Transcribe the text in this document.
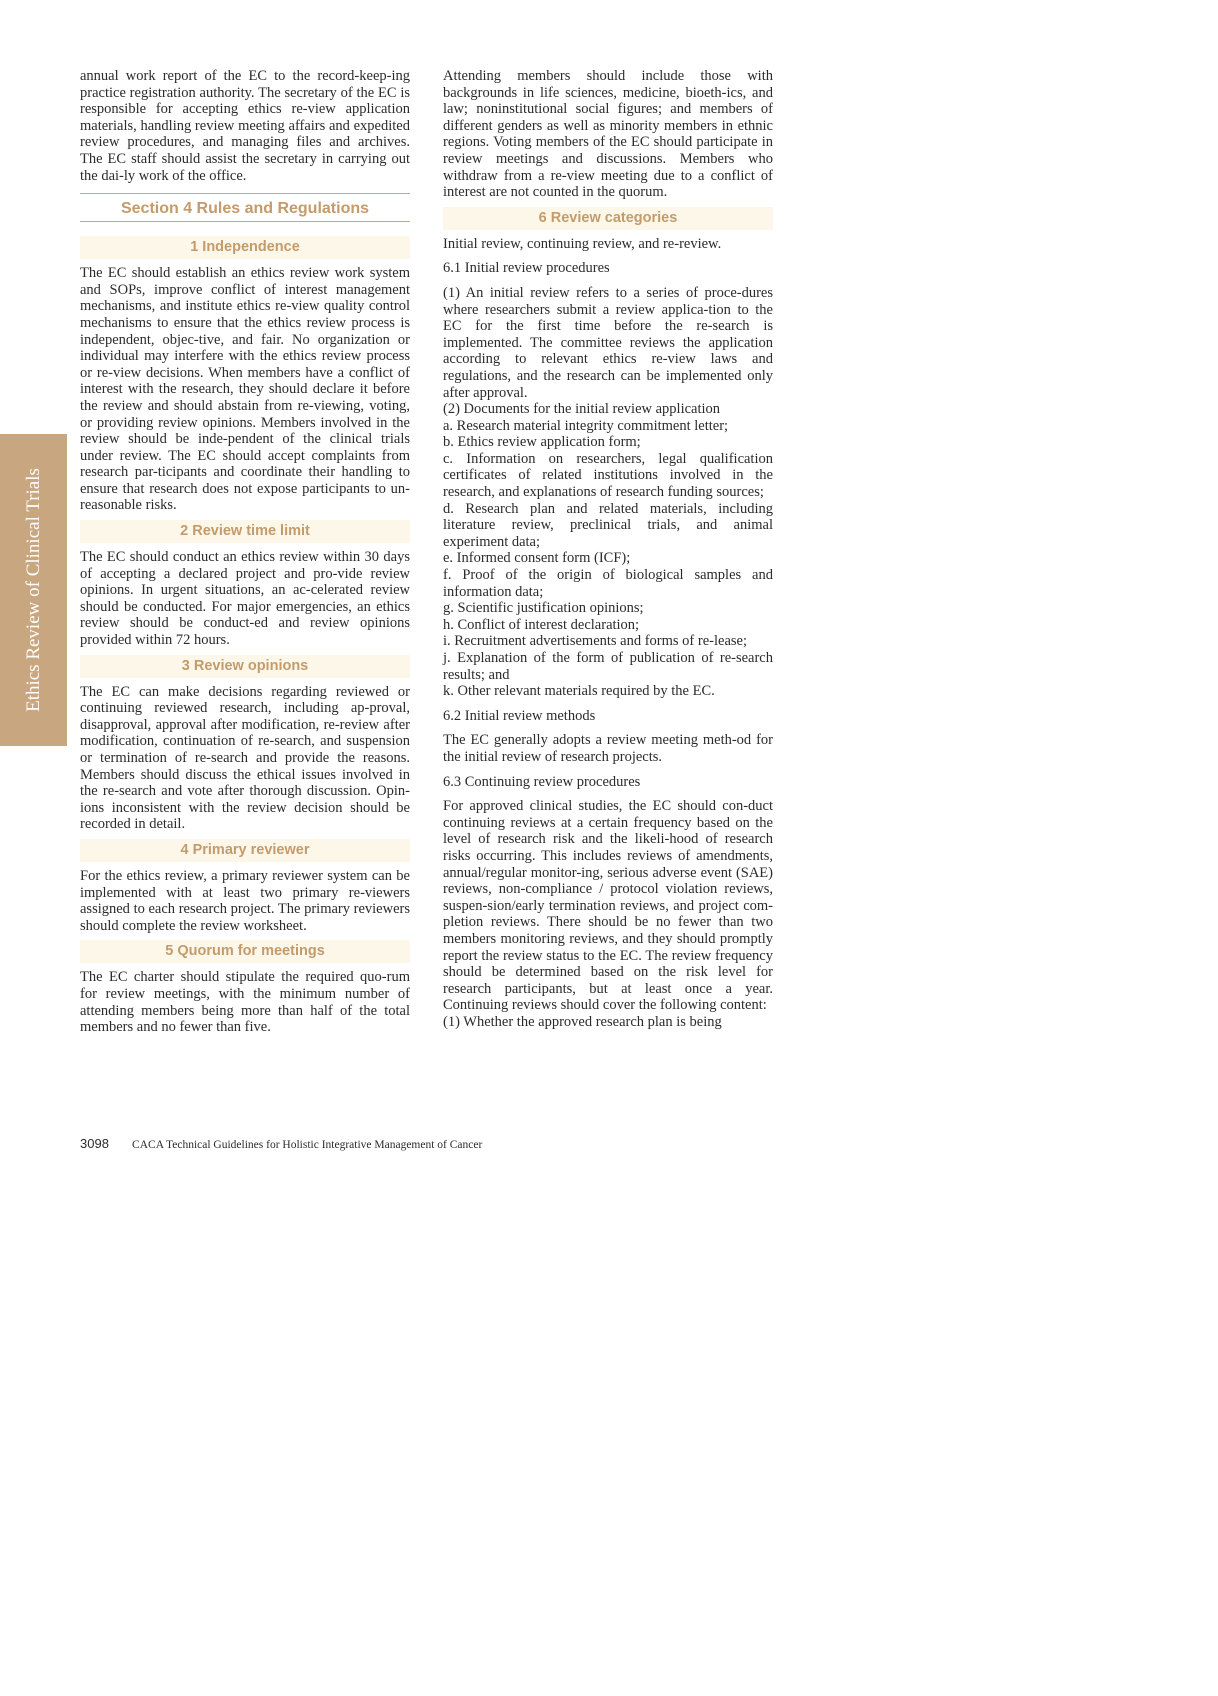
Ethics Review of Clinical Trials

annual work report of the EC to the record-keep-ing practice registration authority. The secretary of the EC is responsible for accepting ethics re-view application materials, handling review meeting affairs and expedited review procedures, and managing files and archives. The EC staff should assist the secretary in carrying out the dai-ly work of the office.

Section 4 Rules and Regulations
1 Independence

The EC should establish an ethics review work system and SOPs, improve conflict of interest management mechanisms, and institute ethics re-view quality control mechanisms to ensure that the ethics review process is independent, objec-tive, and fair. No organization or individual may interfere with the ethics review process or re-view decisions. When members have a conflict of interest with the research, they should declare it before the review and should abstain from re-viewing, voting, or providing review opinions. Members involved in the review should be inde-pendent of the clinical trials under review. The EC should accept complaints from research par-ticipants and coordinate their handling to ensure that research does not expose participants to un-reasonable risks.

2 Review time limit

The EC should conduct an ethics review within 30 days of accepting a declared project and pro-vide review opinions. In urgent situations, an ac-celerated review should be conducted. For major emergencies, an ethics review should be conduct-ed and review opinions provided within 72 hours.

3 Review opinions

The EC can make decisions regarding reviewed or continuing reviewed research, including ap-proval, disapproval, approval after modification, re-review after modification, continuation of re-search, and suspension or termination of re-search and provide the reasons. Members should discuss the ethical issues involved in the re-search and vote after thorough discussion. Opin-ions inconsistent with the review decision should be recorded in detail.

4 Primary reviewer

For the ethics review, a primary reviewer system can be implemented with at least two primary re-viewers assigned to each research project. The primary reviewers should complete the review worksheet.

5 Quorum for meetings

The EC charter should stipulate the required quo-rum for review meetings, with the minimum number of attending members being more than half of the total members and no fewer than five.

Attending members should include those with backgrounds in life sciences, medicine, bioeth-ics, and law; noninstitutional social figures; and members of different genders as well as minority members in ethnic regions. Voting members of the EC should participate in review meetings and discussions. Members who withdraw from a re-view meeting due to a conflict of interest are not counted in the quorum.

6 Review categories

Initial review, continuing review, and re-review.

6.1 Initial review procedures

(1) An initial review refers to a series of proce-dures where researchers submit a review applica-tion to the EC for the first time before the re-search is implemented. The committee reviews the application according to relevant ethics re-view laws and regulations, and the research can be implemented only after approval.

(2) Documents for the initial review application

a. Research material integrity commitment letter;

b. Ethics review application form;

c. Information on researchers, legal qualification certificates of related institutions involved in the research, and explanations of research funding sources;

d. Research plan and related materials, including literature review, preclinical trials, and animal experiment data;

e. Informed consent form (ICF);

f. Proof of the origin of biological samples and information data;

g. Scientific justification opinions;

h. Conflict of interest declaration;

i. Recruitment advertisements and forms of re-lease;

j. Explanation of the form of publication of re-search results; and

k. Other relevant materials required by the EC.

6.2 Initial review methods

The EC generally adopts a review meeting meth-od for the initial review of research projects.

6.3 Continuing review procedures

For approved clinical studies, the EC should con-duct continuing reviews at a certain frequency based on the level of research risk and the likeli-hood of research risks occurring. This includes reviews of amendments, annual/regular monitor-ing, serious adverse event (SAE) reviews, non-compliance / protocol violation reviews, suspen-sion/early termination reviews, and project com-pletion reviews. There should be no fewer than two members monitoring reviews, and they should promptly report the review status to the EC. The review frequency should be determined based on the risk level for research participants, but at least once a year. Continuing reviews should cover the following content:

(1) Whether the approved research plan is being

3098 CACA Technical Guidelines for Holistic Integrative Management of Cancer
